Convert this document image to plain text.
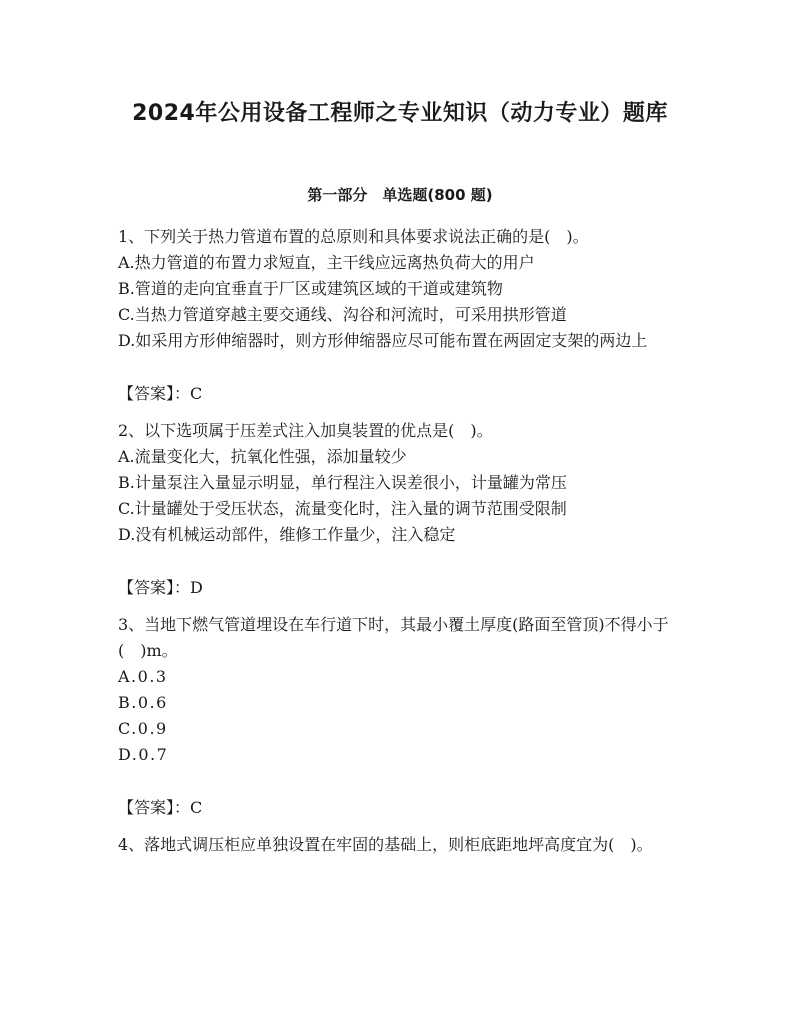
2024年公用设备工程师之专业知识（动力专业）题库
第一部分　单选题(800 题)

1、下列关于热力管道布置的总原则和具体要求说法正确的是(　)。

A.热力管道的布置力求短直，主干线应远离热负荷大的用户

B.管道的走向宜垂直于厂区或建筑区域的干道或建筑物

C.当热力管道穿越主要交通线、沟谷和河流时，可采用拱形管道

D.如采用方形伸缩器时，则方形伸缩器应尽可能布置在两固定支架的两边上

【答案】：C

2、以下选项属于压差式注入加臭装置的优点是(　)。

A.流量变化大，抗氧化性强，添加量较少

B.计量泵注入量显示明显，单行程注入误差很小，计量罐为常压

C.计量罐处于受压状态，流量变化时，注入量的调节范围受限制

D.没有机械运动部件，维修工作量少，注入稳定

【答案】：D

3、当地下燃气管道埋设在车行道下时，其最小覆土厚度(路面至管顶)不得小于(　)m。

A.0.3

B.0.6

C.0.9

D.0.7

【答案】：C

4、落地式调压柜应单独设置在牢固的基础上，则柜底距地坪高度宜为(　)。
